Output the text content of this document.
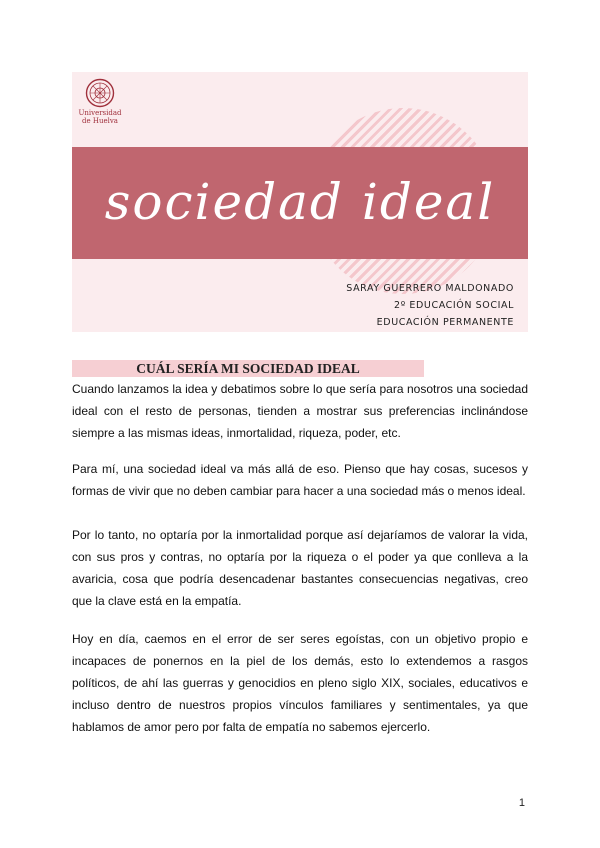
sociedad ideal
Universidad
de Huelva
SARAY GUERRERO MALDONADO
2º EDUCACIÓN SOCIAL
EDUCACIÓN PERMANENTE
CUÁL SERÍA MI SOCIEDAD IDEAL

Cuando lanzamos la idea y debatimos sobre lo que sería para nosotros una sociedad ideal con el resto de personas, tienden a mostrar sus preferencias inclinándose siempre a las mismas ideas, inmortalidad, riqueza, poder, etc.

Para mí, una sociedad ideal va más allá de eso. Pienso que hay cosas, sucesos y formas de vivir que no deben cambiar para hacer a una sociedad más o menos ideal.

Por lo tanto, no optaría por la inmortalidad porque así dejaríamos de valorar la vida, con sus pros y contras, no optaría por la riqueza o el poder ya que conlleva a la avaricia, cosa que podría desencadenar bastantes consecuencias negativas, creo que la clave está en la empatía.

Hoy en día, caemos en el error de ser seres egoístas, con un objetivo propio e incapaces de ponernos en la piel de los demás, esto lo extendemos a rasgos políticos, de ahí las guerras y genocidios en pleno siglo XIX, sociales, educativos e incluso dentro de nuestros propios vínculos familiares y sentimentales, ya que hablamos de amor pero por falta de empatía no sabemos ejercerlo.

1
